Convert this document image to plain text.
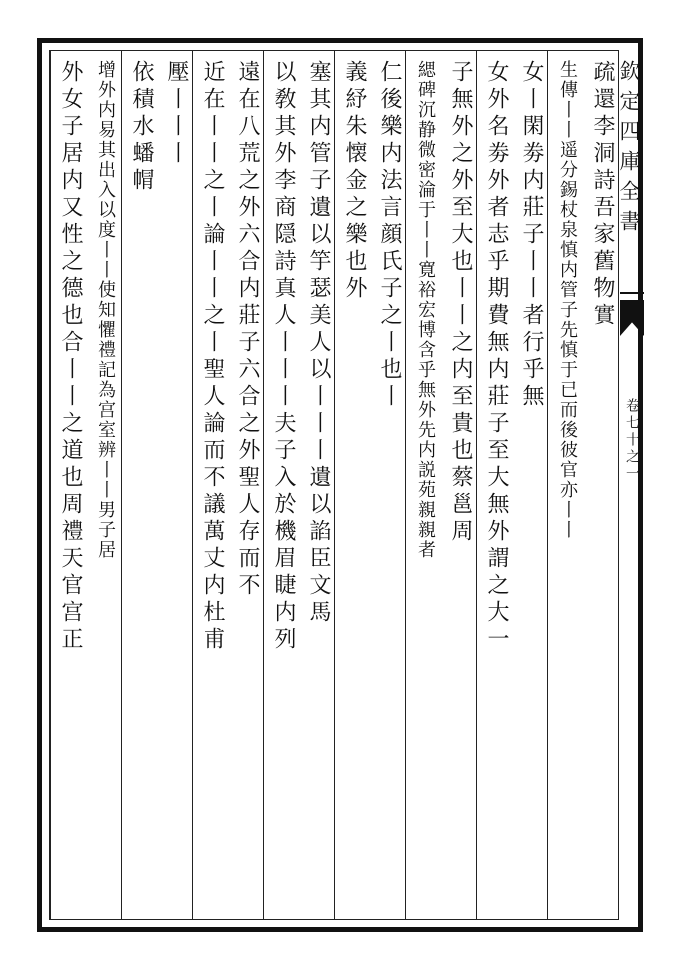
欽定四庫全書
卷七十之一
疏還李洞詩吾家舊物實
生傳丨丨遥分錫杖泉慎内管子先慎于已而後彼官亦丨丨
女丨閑劵内莊子丨丨者行乎無
女外名劵外者志乎期費無内莊子至大無外謂之大一
子無外之外至大也丨丨之内至貴也蔡邕周
緦碑沉静微密淪于丨丨寛裕宏博含乎無外先内説苑親親者
仁後樂内法言顔氏子之丨也丨
義紓朱懐金之樂也外
塞其内管子遺以竽瑟美人以丨丨丨遺以諂臣文馬
以敎其外李商隠詩真人丨丨丨夫子入於機眉睫内列
遠在八荒之外六合内莊子六合之外聖人存而不
近在丨丨之丨論丨丨之丨聖人論而不議萬丈内杜甫
壓丨丨丨
依積水蟠㡌
增外内易其出入以度丨丨使知懼禮記為宫室辨丨丨男子居
外女子居内又性之德也合丨丨之道也周禮天官宫正
